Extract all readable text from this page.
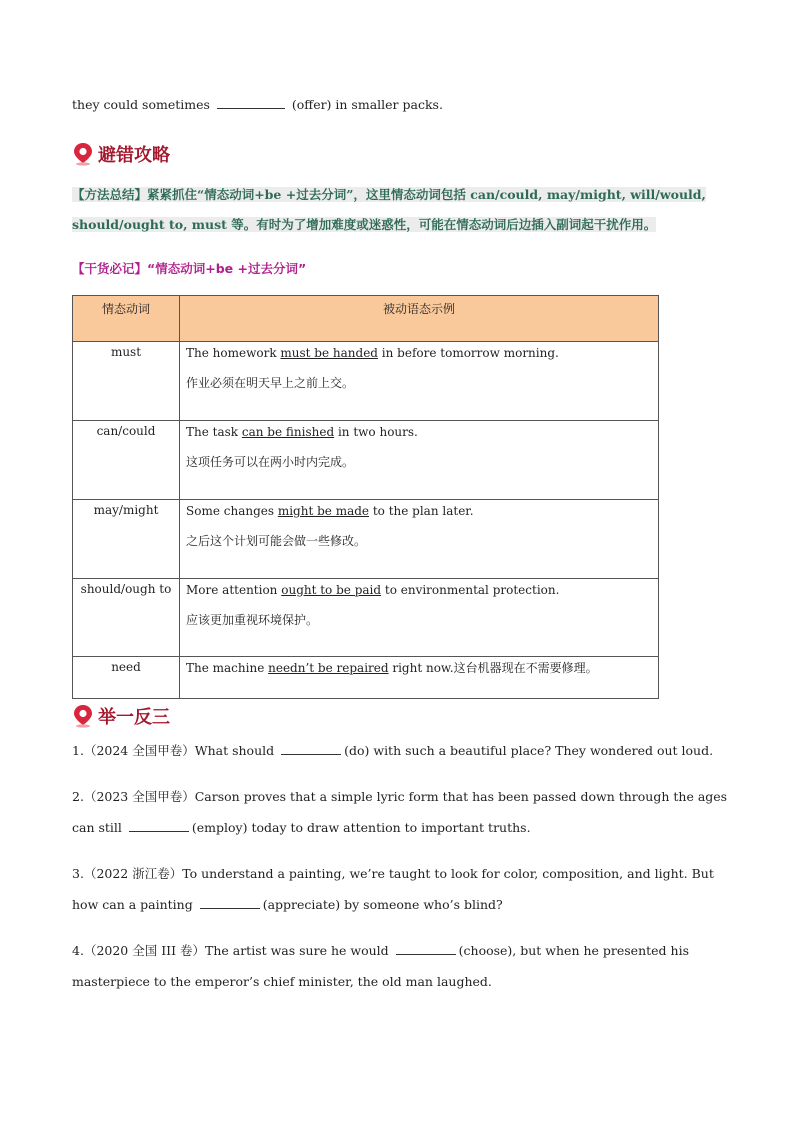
they could sometimes	(offer) in smaller packs.
避错攻略
【方法总结】紧紧抓住“情态动词+be +过去分词”，这里情态动词包括 can/could, may/might, will/would, should/ought to, must 等。有时为了增加难度或迷惑性，可能在情态动词后边插入副词起干扰作用。
【干货必记】“情态动词+be +过去分词”
情态动词	被动语态示例
must	The homework must be handed in before tomorrow morning.

作业必须在明天早上之前上交。

can/could	The task can be finished in two hours.

这项任务可以在两小时内完成。

may/might	Some changes might be made to the plan later.

之后这个计划可能会做一些修改。

should/ough to	More attention ought to be paid to environmental protection.

应该更加重视环境保护。

need	The machine needn’t be repaired right now.这台机器现在不需要修理。

举一反三

1.（2024 全国甲卷）What should	(do) with such a beautiful place? They wondered out loud.

2.（2023 全国甲卷）Carson proves that a simple lyric form that has been passed down through the ages can still	(employ) today to draw attention to important truths.

3.（2022 浙江卷）To understand a painting, we’re taught to look for color, composition, and light. But how can a painting	(appreciate) by someone who’s blind?

4.（2020 全国 III 卷）The artist was sure he would	(choose), but when he presented his masterpiece to the emperor’s chief minister, the old man laughed.
